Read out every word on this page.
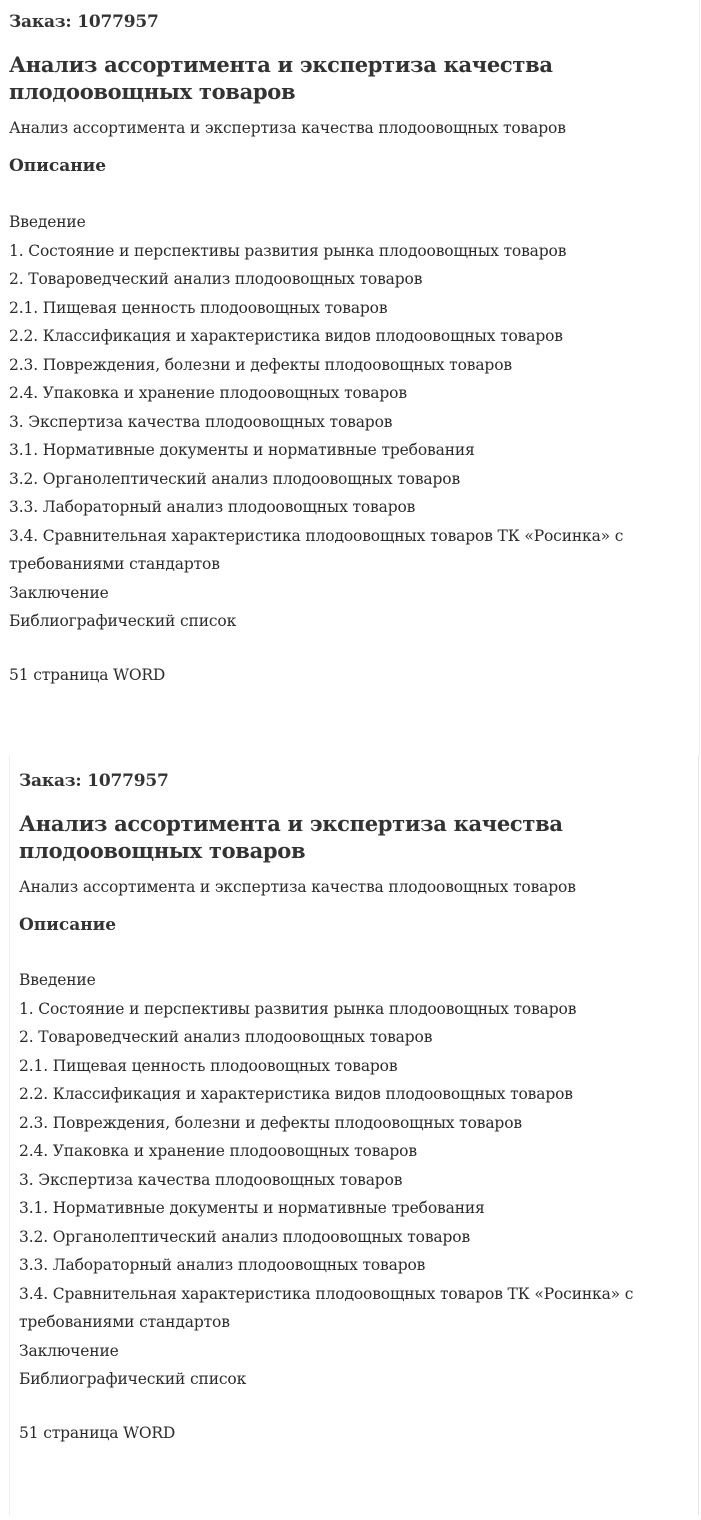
Заказ: 1077957

Анализ ассортимента и экспертиза качества плодоовощных товаров

Анализ ассортимента и экспертиза качества плодоовощных товаров

Описание
Введение
1. Состояние и перспективы развития рынка плодоовощных товаров
2. Товароведческий анализ плодоовощных товаров
2.1. Пищевая ценность плодоовощных товаров
2.2. Классификация и характеристика видов плодоовощных товаров
2.3. Повреждения, болезни и дефекты плодоовощных товаров
2.4. Упаковка и хранение плодоовощных товаров
3. Экспертиза качества плодоовощных товаров
3.1. Нормативные документы и нормативные требования
3.2. Органолептический анализ плодоовощных товаров
3.3. Лабораторный анализ плодоовощных товаров
3.4. Сравнительная характеристика плодоовощных товаров ТК «Росинка» с требованиями стандартов
Заключение
Библиографический список

51 страница WORD

Заказ: 1077957

Анализ ассортимента и экспертиза качества плодоовощных товаров

Анализ ассортимента и экспертиза качества плодоовощных товаров

Описание
Введение
1. Состояние и перспективы развития рынка плодоовощных товаров
2. Товароведческий анализ плодоовощных товаров
2.1. Пищевая ценность плодоовощных товаров
2.2. Классификация и характеристика видов плодоовощных товаров
2.3. Повреждения, болезни и дефекты плодоовощных товаров
2.4. Упаковка и хранение плодоовощных товаров
3. Экспертиза качества плодоовощных товаров
3.1. Нормативные документы и нормативные требования
3.2. Органолептический анализ плодоовощных товаров
3.3. Лабораторный анализ плодоовощных товаров
3.4. Сравнительная характеристика плодоовощных товаров ТК «Росинка» с требованиями стандартов
Заключение
Библиографический список

51 страница WORD
